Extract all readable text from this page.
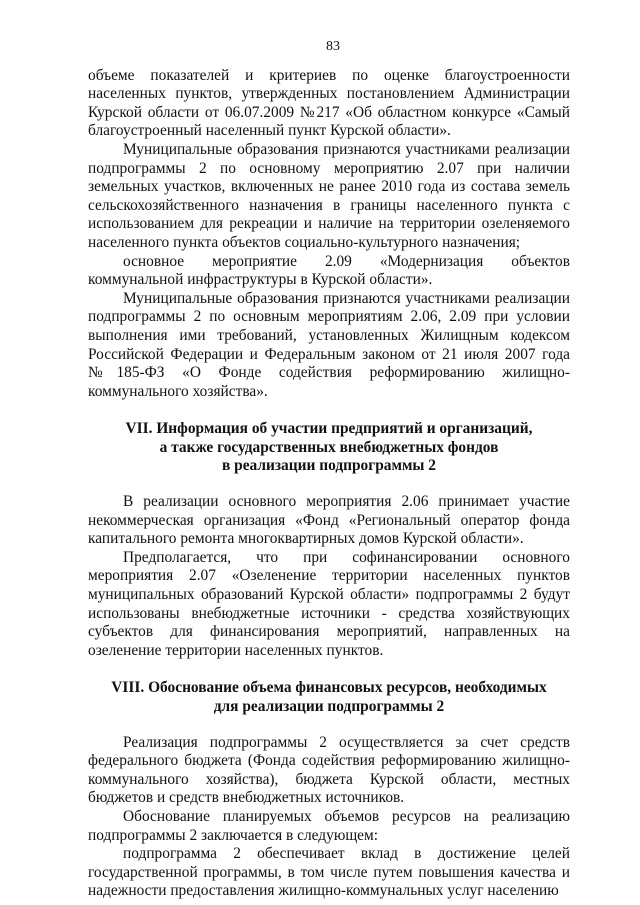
83

объеме показателей и критериев по оценке благоустроенности населенных пунктов, утвержденных постановлением Администрации Курской области от 06.07.2009 №217 «Об областном конкурсе «Самый благоустроенный населенный пункт Курской области».

Муниципальные образования признаются участниками реализации подпрограммы 2 по основному мероприятию 2.07 при наличии земельных участков, включенных не ранее 2010 года из состава земель сельскохозяйственного назначения в границы населенного пункта с использованием для рекреации и наличие на территории озеленяемого населенного пункта объектов социально-культурного назначения;

основное мероприятие 2.09 «Модернизация объектов коммунальной инфраструктуры в Курской области».

Муниципальные образования признаются участниками реализации подпрограммы 2 по основным мероприятиям 2.06, 2.09 при условии выполнения ими требований, установленных Жилищным кодексом Российской Федерации и Федеральным законом от 21 июля 2007 года №185-ФЗ «О Фонде содействия реформированию жилищно-коммунального хозяйства».

VII. Информация об участии предприятий и организаций,

а также государственных внебюджетных фондов

в реализации подпрограммы 2

В реализации основного мероприятия 2.06 принимает участие некоммерческая организация «Фонд «Региональный оператор фонда капитального ремонта многоквартирных домов Курской области».

Предполагается, что при софинансировании основного мероприятия 2.07 «Озеленение территории населенных пунктов муниципальных образований Курской области» подпрограммы 2 будут использованы внебюджетные источники - средства хозяйствующих субъектов для финансирования мероприятий, направленных на озеленение территории населенных пунктов.

VIII. Обоснование объема финансовых ресурсов, необходимых

для реализации подпрограммы 2

Реализация подпрограммы 2 осуществляется за счет средств федерального бюджета (Фонда содействия реформированию жилищно-коммунального хозяйства), бюджета Курской области, местных бюджетов и средств внебюджетных источников.

Обоснование планируемых объемов ресурсов на реализацию подпрограммы 2 заключается в следующем:

подпрограмма 2 обеспечивает вклад в достижение целей государственной программы, в том числе путем повышения качества и надежности предоставления жилищно-коммунальных услуг населению
